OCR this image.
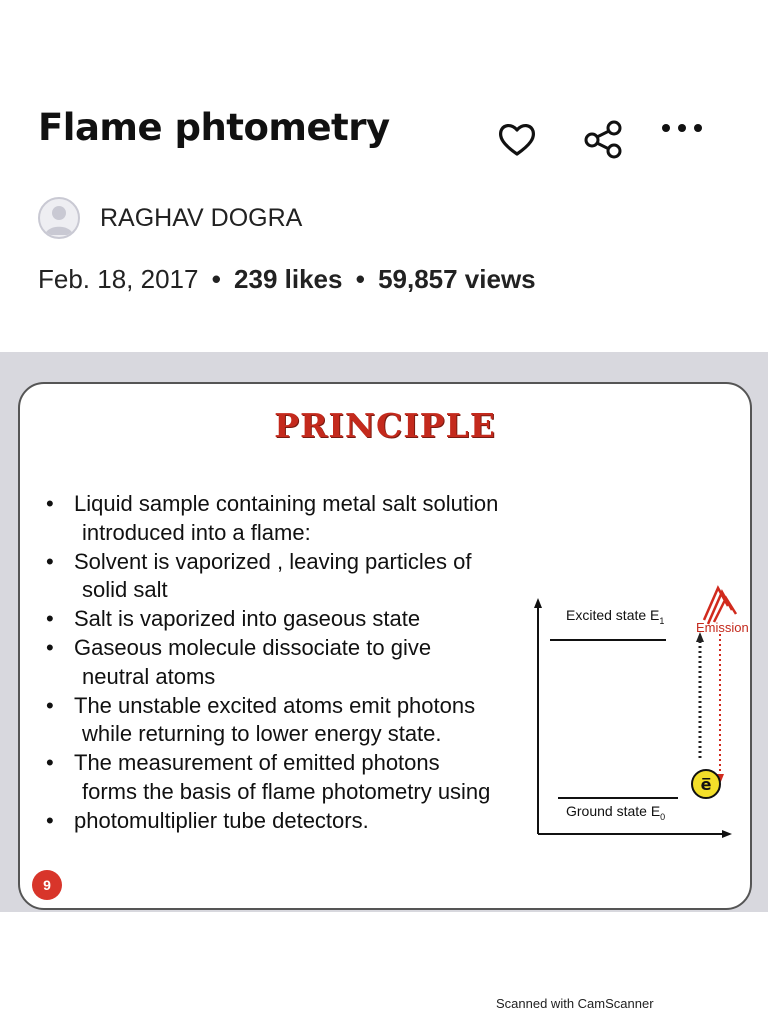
Flame phtometry
RAGHAV DOGRA
Feb. 18, 2017 • 239 likes • 59,857 views
PRINCIPLE
• Liquid sample containing metal salt solution
introduced into a flame:
• Solvent is vaporized , leaving particles of
solid salt
• Salt is vaporized into gaseous state
• Gaseous molecule dissociate to give
neutral atoms
• The unstable excited atoms emit photons
while returning to lower energy state.
• The measurement of emitted photons
forms the basis of flame photometry using
• photomultiplier tube detectors.
Excited state $E_1$
Ground state $E_0$
Emission
e̅
9
Scanned with CamScanner
